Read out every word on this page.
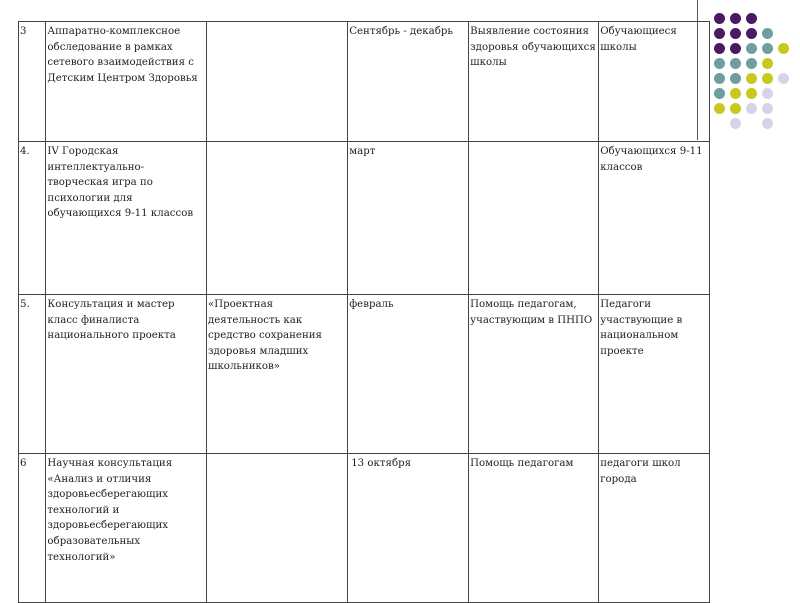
3	Аппаратно-комплексное обследование в рамках сетевого взаимодействия с Детским Центром Здоровья		Сентябрь - декабрь	Выявление состояния здоровья обучающихся школы	Обучающиеся школы
4.	IV Городская интеллектуально-творческая игра по психологии для обучающихся 9-11 классов		март		Обучающихся 9-11 классов
5.	Консультация и мастер класс финалиста национального проекта	«Проектная деятельность как средство сохранения здоровья младших школьников»	февраль	Помощь педагогам, участвующим в ПНПО	Педагоги участвующие в национальном проекте
6	Научная консультация «Анализ и отличия здоровьесберегающих технологий и здоровьесберегающих образовательных технологий»		13 октября	Помощь педагогам	педагоги школ города
